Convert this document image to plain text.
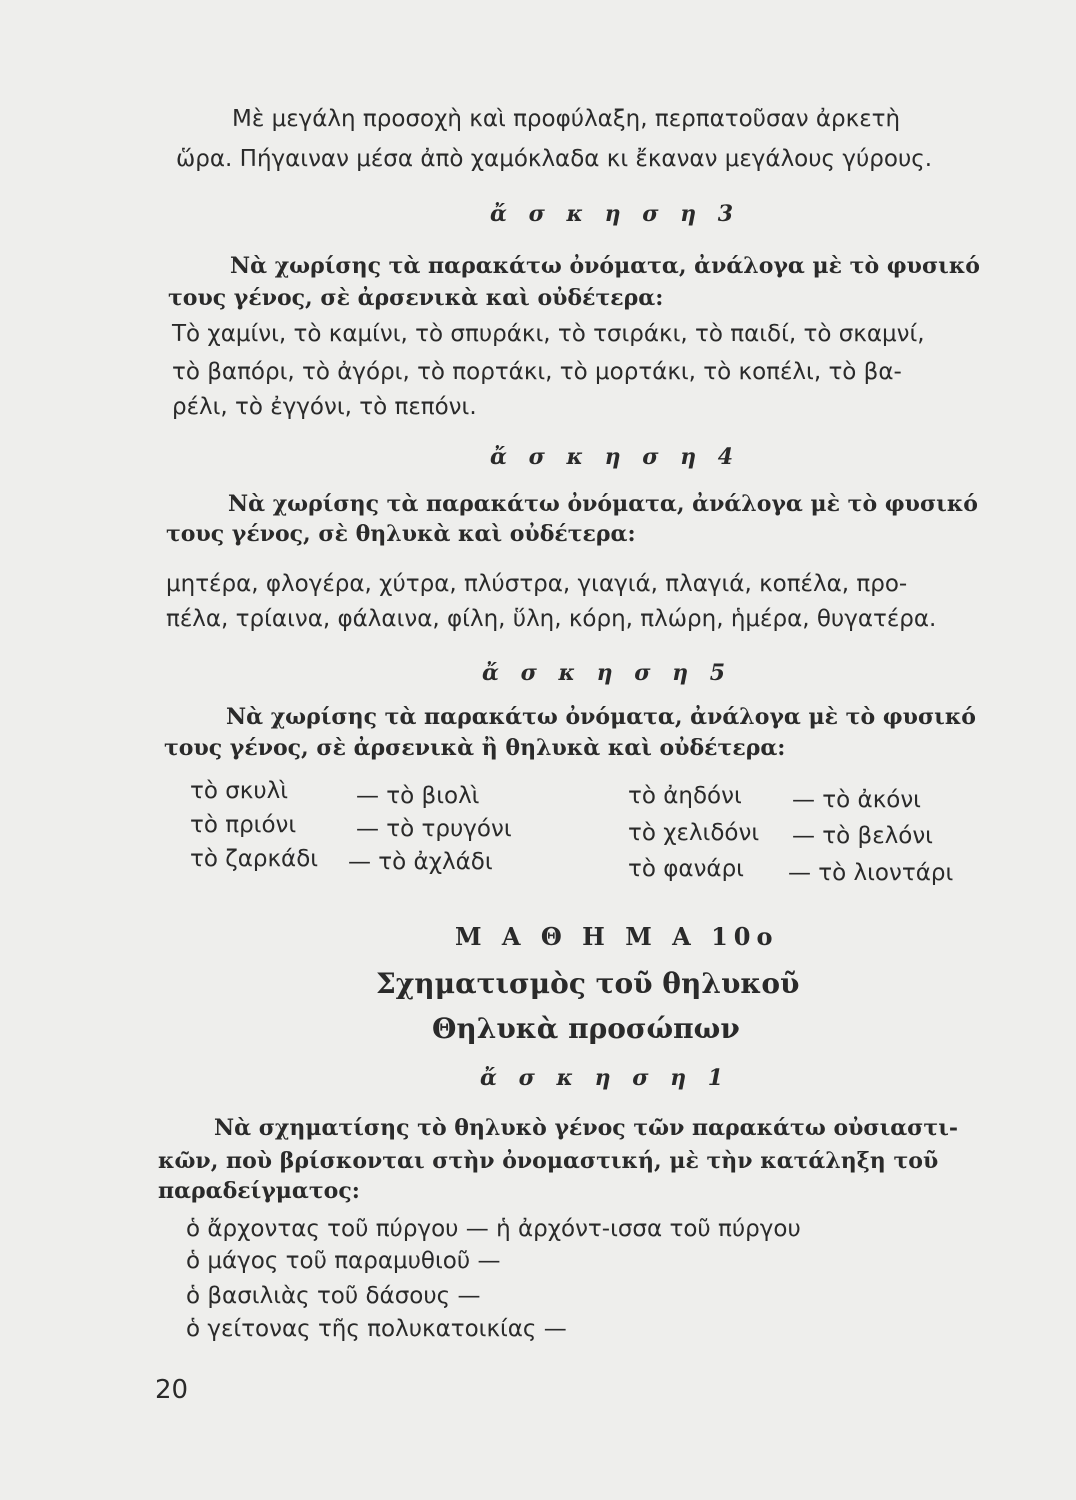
Μὲ μεγάλη προσοχὴ καὶ προφύλαξη, περπατοῦσαν ἀρκετὴ
ὥρα. Πήγαιναν μέσα ἀπὸ χαμόκλαδα κι ἔκαναν μεγάλους γύρους.
ἄ σ κ η σ η 3
Νὰ χωρίσης τὰ παρακάτω ὀνόματα, ἀνάλογα μὲ τὸ φυσικό
τους γένος, σὲ ἀρσενικὰ καὶ οὐδέτερα:
Τὸ χαμίνι, τὸ καμίνι, τὸ σπυράκι, τὸ τσιράκι, τὸ παιδί, τὸ σκαμνί,
τὸ βαπόρι, τὸ ἀγόρι, τὸ πορτάκι, τὸ μορτάκι, τὸ κοπέλι, τὸ βα-
ρέλι, τὸ ἐγγόνι, τὸ πεπόνι.
ἄ σ κ η σ η 4
Νὰ χωρίσης τὰ παρακάτω ὀνόματα, ἀνάλογα μὲ τὸ φυσικό
τους γένος, σὲ θηλυκὰ καὶ οὐδέτερα:
μητέρα, φλογέρα, χύτρα, πλύστρα, γιαγιά, πλαγιά, κοπέλα, προ-
πέλα, τρίαινα, φάλαινα, φίλη, ὕλη, κόρη, πλώρη, ἡμέρα, θυγατέρα.
ἄ σ κ η σ η 5
Νὰ χωρίσης τὰ παρακάτω ὀνόματα, ἀνάλογα μὲ τὸ φυσικό
τους γένος, σὲ ἀρσενικὰ ἢ θηλυκὰ καὶ οὐδέτερα:
τὸ σκυλὶ	— τὸ βιολὶ	τὸ ἀηδόνι — τὸ ἀκόνι
τὸ πριόνι	— τὸ τρυγόνι	τὸ χελιδόνι — τὸ βελόνι
τὸ ζαρκάδι — τὸ ἀχλάδι	τὸ φανάρι — τὸ λιοντάρι
Μ Α Θ Η Μ Α 10ο
Σχηματισμὸς τοῦ θηλυκοῦ
Θηλυκὰ προσώπων
ἄ σ κ η σ η 1
Νὰ σχηματίσης τὸ θηλυκὸ γένος τῶν παρακάτω οὐσιαστι-
κῶν, ποὺ βρίσκονται στὴν ὀνομαστική, μὲ τὴν κατάληξη τοῦ
παραδείγματος:
ὁ ἄρχοντας τοῦ πύργου — ἡ ἀρχόντ-ισσα τοῦ πύργου
ὁ μάγος τοῦ παραμυθιοῦ —
ὁ βασιλιὰς τοῦ δάσους —
ὁ γείτονας τῆς πολυκατοικίας —
20
